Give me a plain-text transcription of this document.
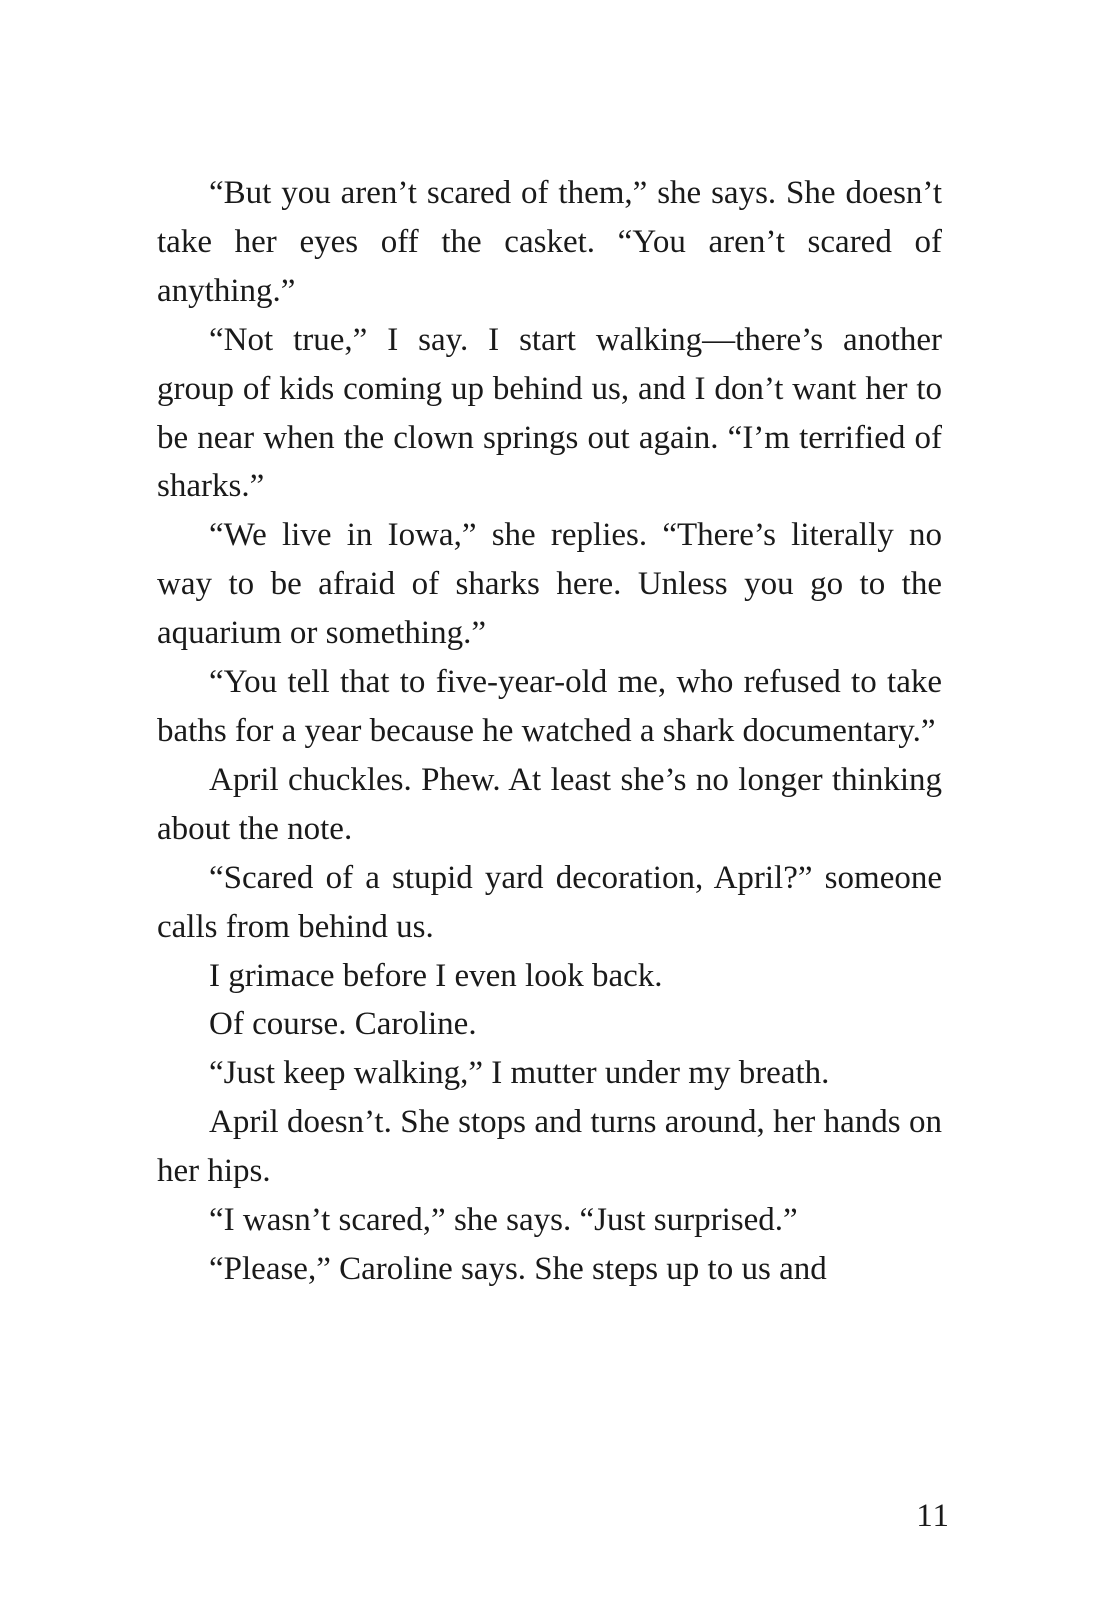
“But you aren’t scared of them,” she says. She doesn’t take her eyes off the casket. “You aren’t scared of anything.”

“Not true,” I say. I start walking—there’s another group of kids coming up behind us, and I don’t want her to be near when the clown springs out again. “I’m terrified of sharks.”

“We live in Iowa,” she replies. “There’s literally no way to be afraid of sharks here. Unless you go to the aquarium or something.”

“You tell that to five-year-old me, who refused to take baths for a year because he watched a shark documentary.”

April chuckles. Phew. At least she’s no longer thinking about the note.

“Scared of a stupid yard decoration, April?” someone calls from behind us.

I grimace before I even look back.

Of course. Caroline.

“Just keep walking,” I mutter under my breath.

April doesn’t. She stops and turns around, her hands on her hips.

“I wasn’t scared,” she says. “Just surprised.”

“Please,” Caroline says. She steps up to us and

11
